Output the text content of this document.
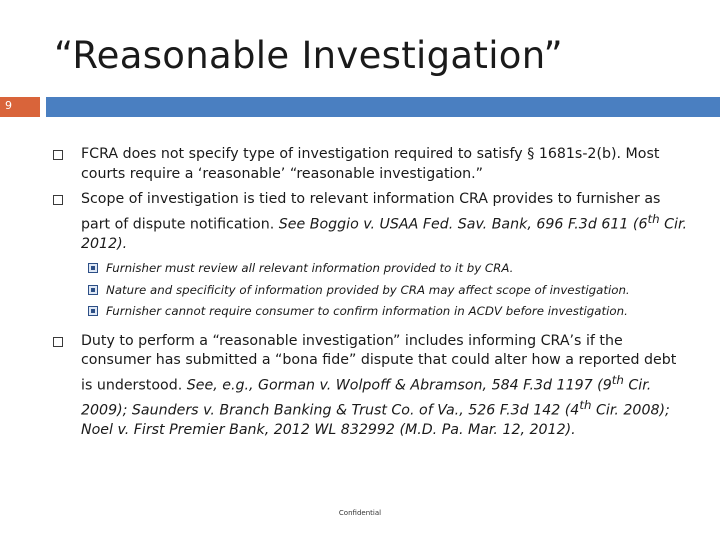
“Reasonable Investigation”
9
FCRA does not specify type of investigation required to satisfy § 1681s-2(b). Most courts require a ‘reasonable’ “reasonable investigation.”
Scope of investigation is tied to relevant information CRA provides to furnisher as part of dispute notification. See Boggio v. USAA Fed. Sav. Bank, 696 F.3d 611 (6th Cir. 2012).
Furnisher must review all relevant information provided to it by CRA.
Nature and specificity of information provided by CRA may affect scope of investigation.
Furnisher cannot require consumer to confirm information in ACDV before investigation.
Duty to perform a “reasonable investigation” includes informing CRA’s if the consumer has submitted a “bona fide” dispute that could alter how a reported debt is understood. See, e.g., Gorman v. Wolpoff & Abramson, 584 F.3d 1197 (9th Cir. 2009); Saunders v. Branch Banking & Trust Co. of Va., 526 F.3d 142 (4th Cir. 2008); Noel v. First Premier Bank, 2012 WL 832992 (M.D. Pa. Mar. 12, 2012).
Confidential
